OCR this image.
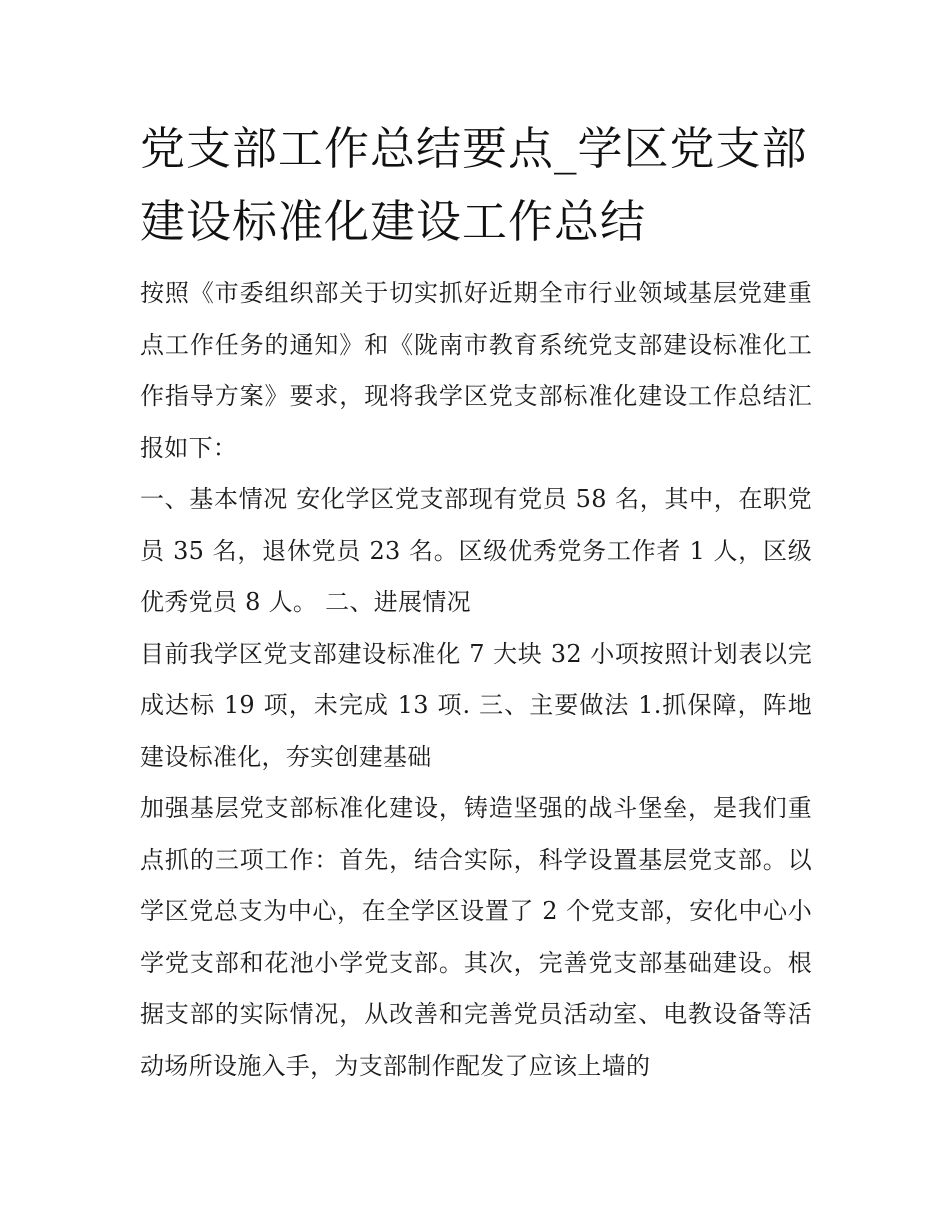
党支部工作总结要点_学区党支部建设标准化建设工作总结

按照《市委组织部关于切实抓好近期全市行业领域基层党建重点工作任务的通知》和《陇南市教育系统党支部建设标准化工作指导方案》要求，现将我学区党支部标准化建设工作总结汇报如下：

一、基本情况 安化学区党支部现有党员 58 名，其中，在职党员 35 名，退休党员 23 名。区级优秀党务工作者 1 人，区级优秀党员 8 人。 二、进展情况

目前我学区党支部建设标准化 7 大块 32 小项按照计划表以完成达标 19 项，未完成 13 项. 三、主要做法 1.抓保障，阵地建设标准化，夯实创建基础

加强基层党支部标准化建设，铸造坚强的战斗堡垒，是我们重点抓的三项工作：首先，结合实际，科学设置基层党支部。以学区党总支为中心，在全学区设置了 2 个党支部，安化中心小学党支部和花池小学党支部。其次，完善党支部基础建设。根据支部的实际情况，从改善和完善党员活动室、电教设备等活动场所设施入手，为支部制作配发了应该上墙的
